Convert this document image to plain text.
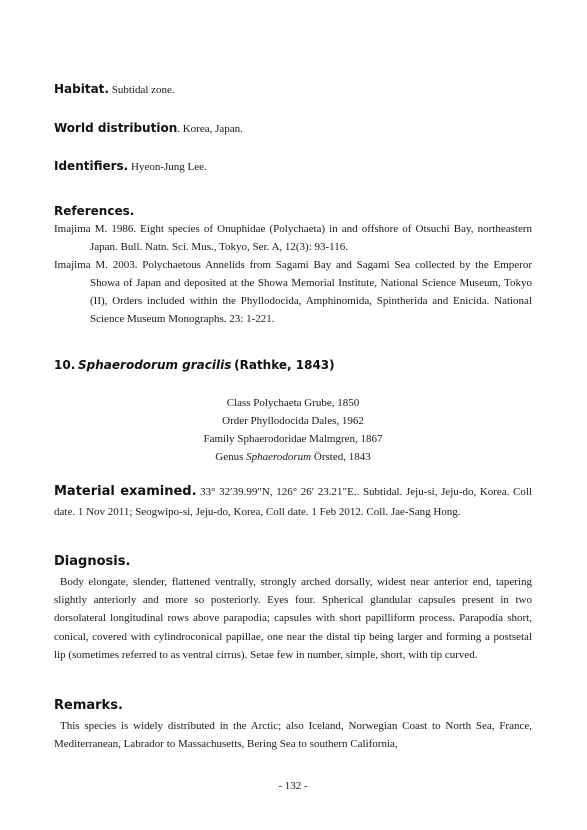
Habitat. Subtidal zone.
World distribution. Korea, Japan.
Identifiers. Hyeon-Jung Lee.
References.
Imajima M. 1986. Eight species of Onuphidae (Polychaeta) in and offshore of Otsuchi Bay, northeastern Japan. Bull. Natn. Sci. Mus., Tokyo, Ser. A, 12(3): 93-116.
Imajima M. 2003. Polychaetous Annelids from Sagami Bay and Sagami Sea collected by the Emperor Showa of Japan and deposited at the Showa Memorial Institute, National Science Museum, Tokyo (II), Orders included within the Phyllodocida, Amphinomida, Spintherida and Enicida. National Science Museum Monographs. 23: 1-221.
10. Sphaerodorum gracilis (Rathke, 1843)
Class Polychaeta Grube, 1850
Order Phyllodocida Dales, 1962
Family Sphaerodoridae Malmgren, 1867
Genus Sphaerodorum Örsted, 1843
Material examined. 33° 32′39.99″N, 126° 26′ 23.21″E.. Subtidal. Jeju-si, Jeju-do, Korea. Coll date. 1 Nov 2011; Seogwipo-si, Jeju-do, Korea, Coll date. 1 Feb 2012. Coll. Jae-Sang Hong.
Diagnosis.
Body elongate, slender, flattened ventrally, strongly arched dorsally, widest near anterior end, tapering slightly anteriorly and more so posteriorly. Eyes four. Spherical glandular capsules present in two dorsolateral longitudinal rows above parapodia; capsules with short papilliform process. Parapodia short, conical, covered with cylindroconical papillae, one near the distal tip being larger and forming a postsetal lip (sometimes referred to as ventral cirrus). Setae few in number, simple, short, with tip curved.
Remarks.
This species is widely distributed in the Arctic; also Iceland, Norwegian Coast to North Sea, France, Mediterranean, Labrador to Massachusetts, Bering Sea to southern California,
- 132 -
